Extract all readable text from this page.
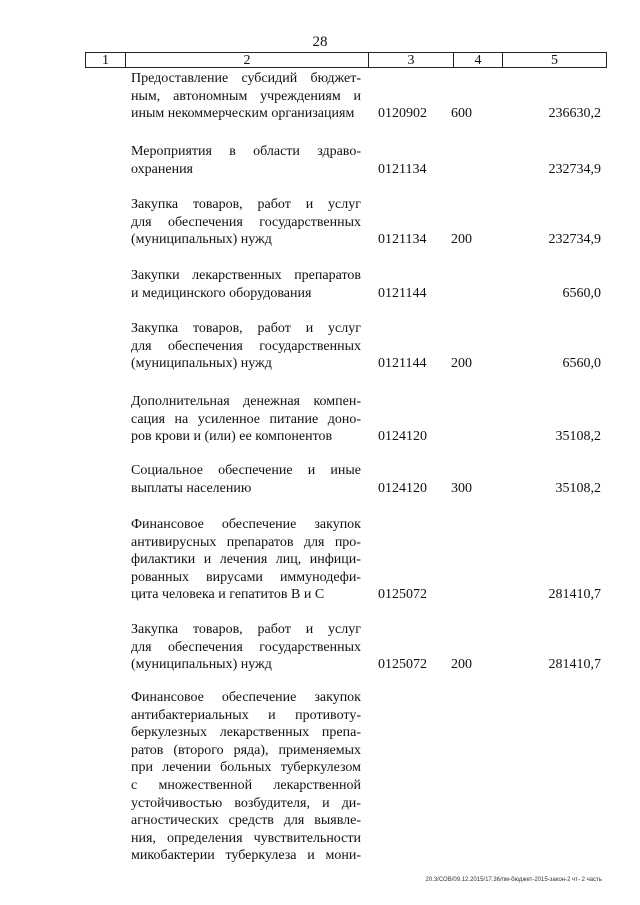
28
1	2	3	4	5
Предоставление субсидий бюджет-
ным, автономным учреждениям и
иным некоммерческим организациям	0120902 600	236630,2
Мероприятия в области здраво-
охранения	0121134	232734,9
Закупка товаров, работ и услуг
для обеспечения государственных
(муниципальных) нужд	0121134 200	232734,9
Закупки лекарственных препаратов
и медицинского оборудования	0121144	6560,0
Закупка товаров, работ и услуг
для обеспечения государственных
(муниципальных) нужд	0121144 200	6560,0
Дополнительная денежная компен-
сация на усиленное питание доно-
ров крови и (или) ее компонентов	0124120	35108,2
Социальное обеспечение и иные
выплаты населению	0124120 300	35108,2
Финансовое обеспечение закупок
антивирусных препаратов для про-
филактики и лечения лиц, инфици-
рованных вирусами иммунодефи-
цита человека и гепатитов В и С	0125072	281410,7
Закупка товаров, работ и услуг
для обеспечения государственных
(муниципальных) нужд	0125072 200	281410,7
Финансовое обеспечение закупок
антибактериальных и противоту-
беркулезных лекарственных препа-
ратов (второго ряда), применяемых
при лечении больных туберкулезом
с множественной лекарственной
устойчивостью возбудителя, и ди-
агностических средств для выявле-
ния, определения чувствительности
микобактерии туберкулеза и мони-
20.3/СОВ/09.12.2015/17.36/пм-бюджет-2015-закон-2 чт- 2 часть
